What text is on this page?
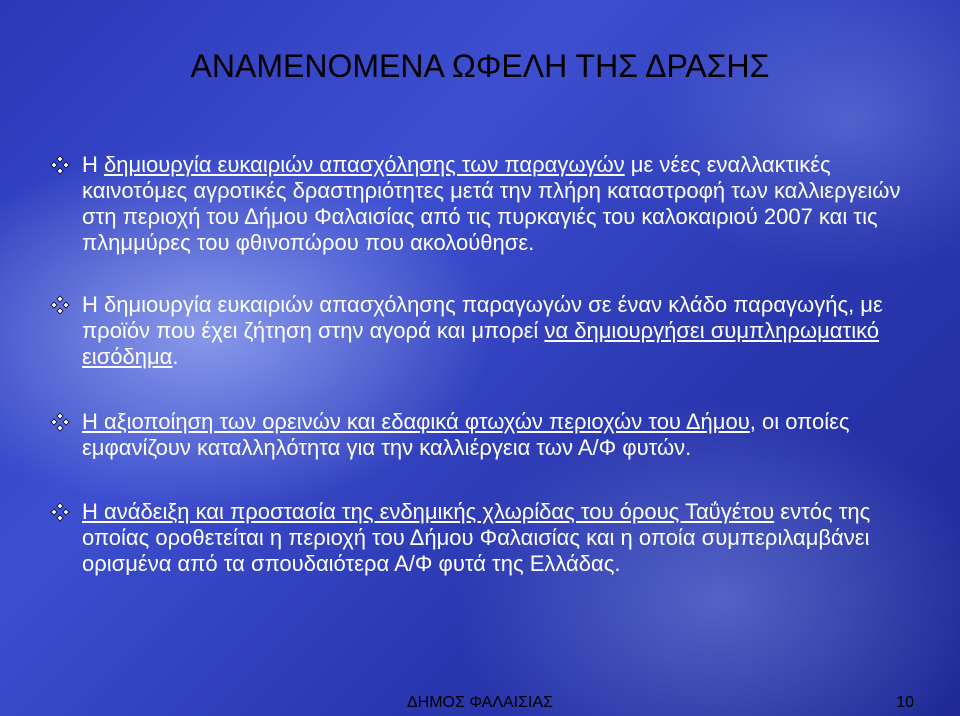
ΑΝΑΜΕΝΟΜΕΝΑ ΩΦΕΛΗ ΤΗΣ ΔΡΑΣΗΣ
Η δημιουργία ευκαιριών απασχόλησης των παραγωγών με νέες εναλλακτικές καινοτόμες αγροτικές δραστηριότητες μετά την πλήρη καταστροφή των καλλιεργειών στη περιοχή του Δήμου Φαλαισίας από τις πυρκαγιές του καλοκαιριού 2007 και τις πλημμύρες του φθινοπώρου που ακολούθησε.
Η δημιουργία ευκαιριών απασχόλησης παραγωγών σε έναν κλάδο παραγωγής, με προϊόν που έχει ζήτηση στην αγορά και μπορεί να δημιουργήσει συμπληρωματικό εισόδημα.
Η αξιοποίηση των ορεινών και εδαφικά φτωχών περιοχών του Δήμου, οι οποίες εμφανίζουν καταλληλότητα για την καλλιέργεια των Α/Φ φυτών.
Η ανάδειξη και προστασία της ενδημικής χλωρίδας του όρους Ταΰγέτου εντός της οποίας οροθετείται η περιοχή του Δήμου Φαλαισίας και η οποία συμπεριλαμβάνει ορισμένα από τα σπουδαιότερα Α/Φ φυτά της Ελλάδας.
ΔΗΜΟΣ ΦΑΛΑΙΣΙΑΣ	10
